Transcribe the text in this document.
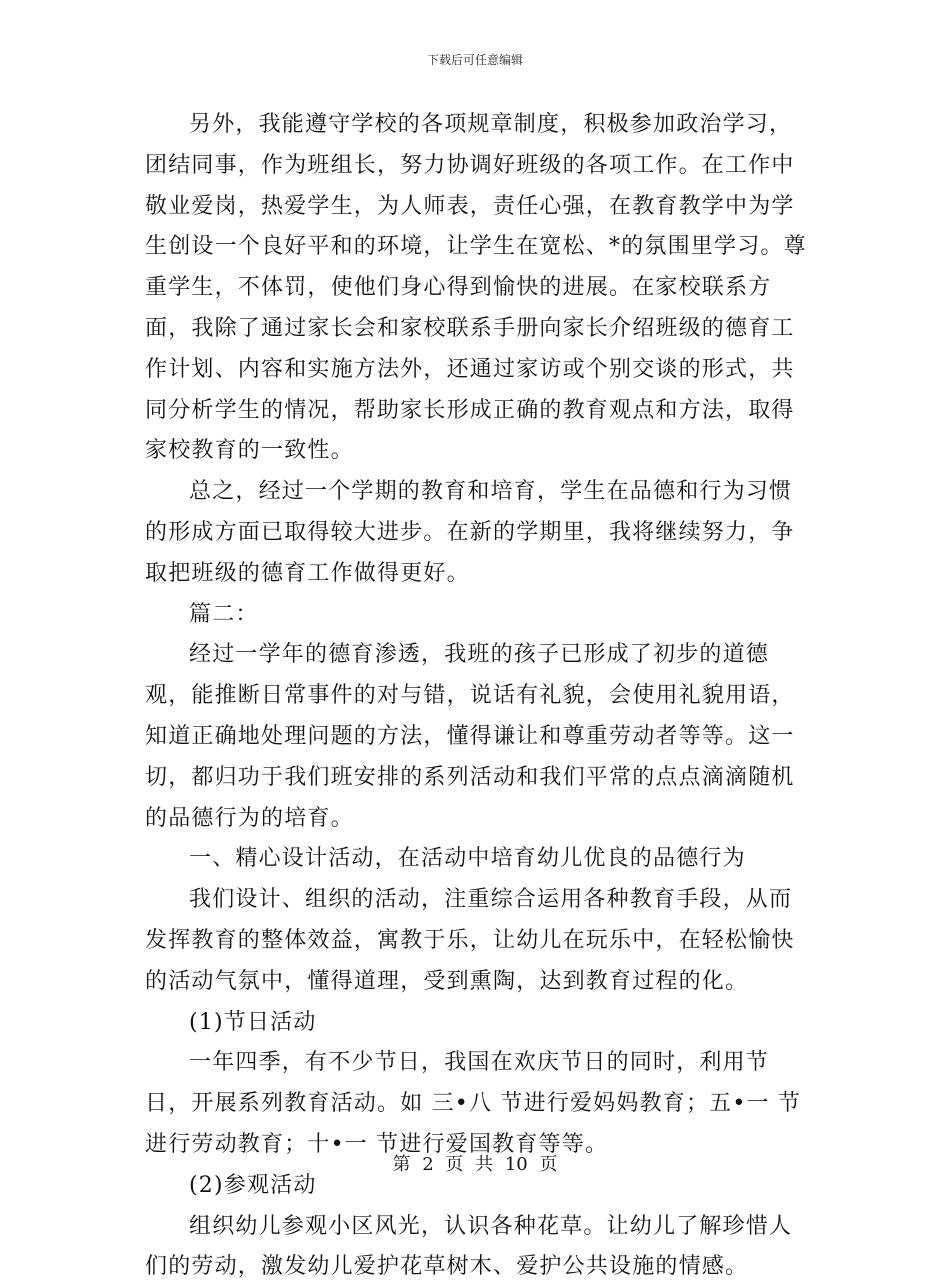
下载后可任意编辑

另外，我能遵守学校的各项规章制度，积极参加政治学习，团结同事，作为班组长，努力协调好班级的各项工作。在工作中敬业爱岗，热爱学生，为人师表，责任心强，在教育教学中为学生创设一个良好平和的环境，让学生在宽松、*的氛围里学习。尊重学生，不体罚，使他们身心得到愉快的进展。在家校联系方面，我除了通过家长会和家校联系手册向家长介绍班级的德育工作计划、内容和实施方法外，还通过家访或个别交谈的形式，共同分析学生的情况，帮助家长形成正确的教育观点和方法，取得家校教育的一致性。

总之，经过一个学期的教育和培育，学生在品德和行为习惯的形成方面已取得较大进步。在新的学期里，我将继续努力，争取把班级的德育工作做得更好。

篇二：

经过一学年的德育渗透，我班的孩子已形成了初步的道德观，能推断日常事件的对与错，说话有礼貌，会使用礼貌用语，知道正确地处理问题的方法，懂得谦让和尊重劳动者等等。这一切，都归功于我们班安排的系列活动和我们平常的点点滴滴随机的品德行为的培育。

一、精心设计活动，在活动中培育幼儿优良的品德行为

我们设计、组织的活动，注重综合运用各种教育手段，从而发挥教育的整体效益，寓教于乐，让幼儿在玩乐中，在轻松愉快的活动气氛中，懂得道理，受到熏陶，达到教育过程的化。

(1)节日活动

一年四季，有不少节日，我国在欢庆节日的同时，利用节日，开展系列教育活动。如 三•八 节进行爱妈妈教育；五•一 节进行劳动教育；十•一 节进行爱国教育等等。

(2)参观活动

组织幼儿参观小区风光，认识各种花草。让幼儿了解珍惜人们的劳动，激发幼儿爱护花草树木、爱护公共设施的情感。

第 2 页 共 10 页
